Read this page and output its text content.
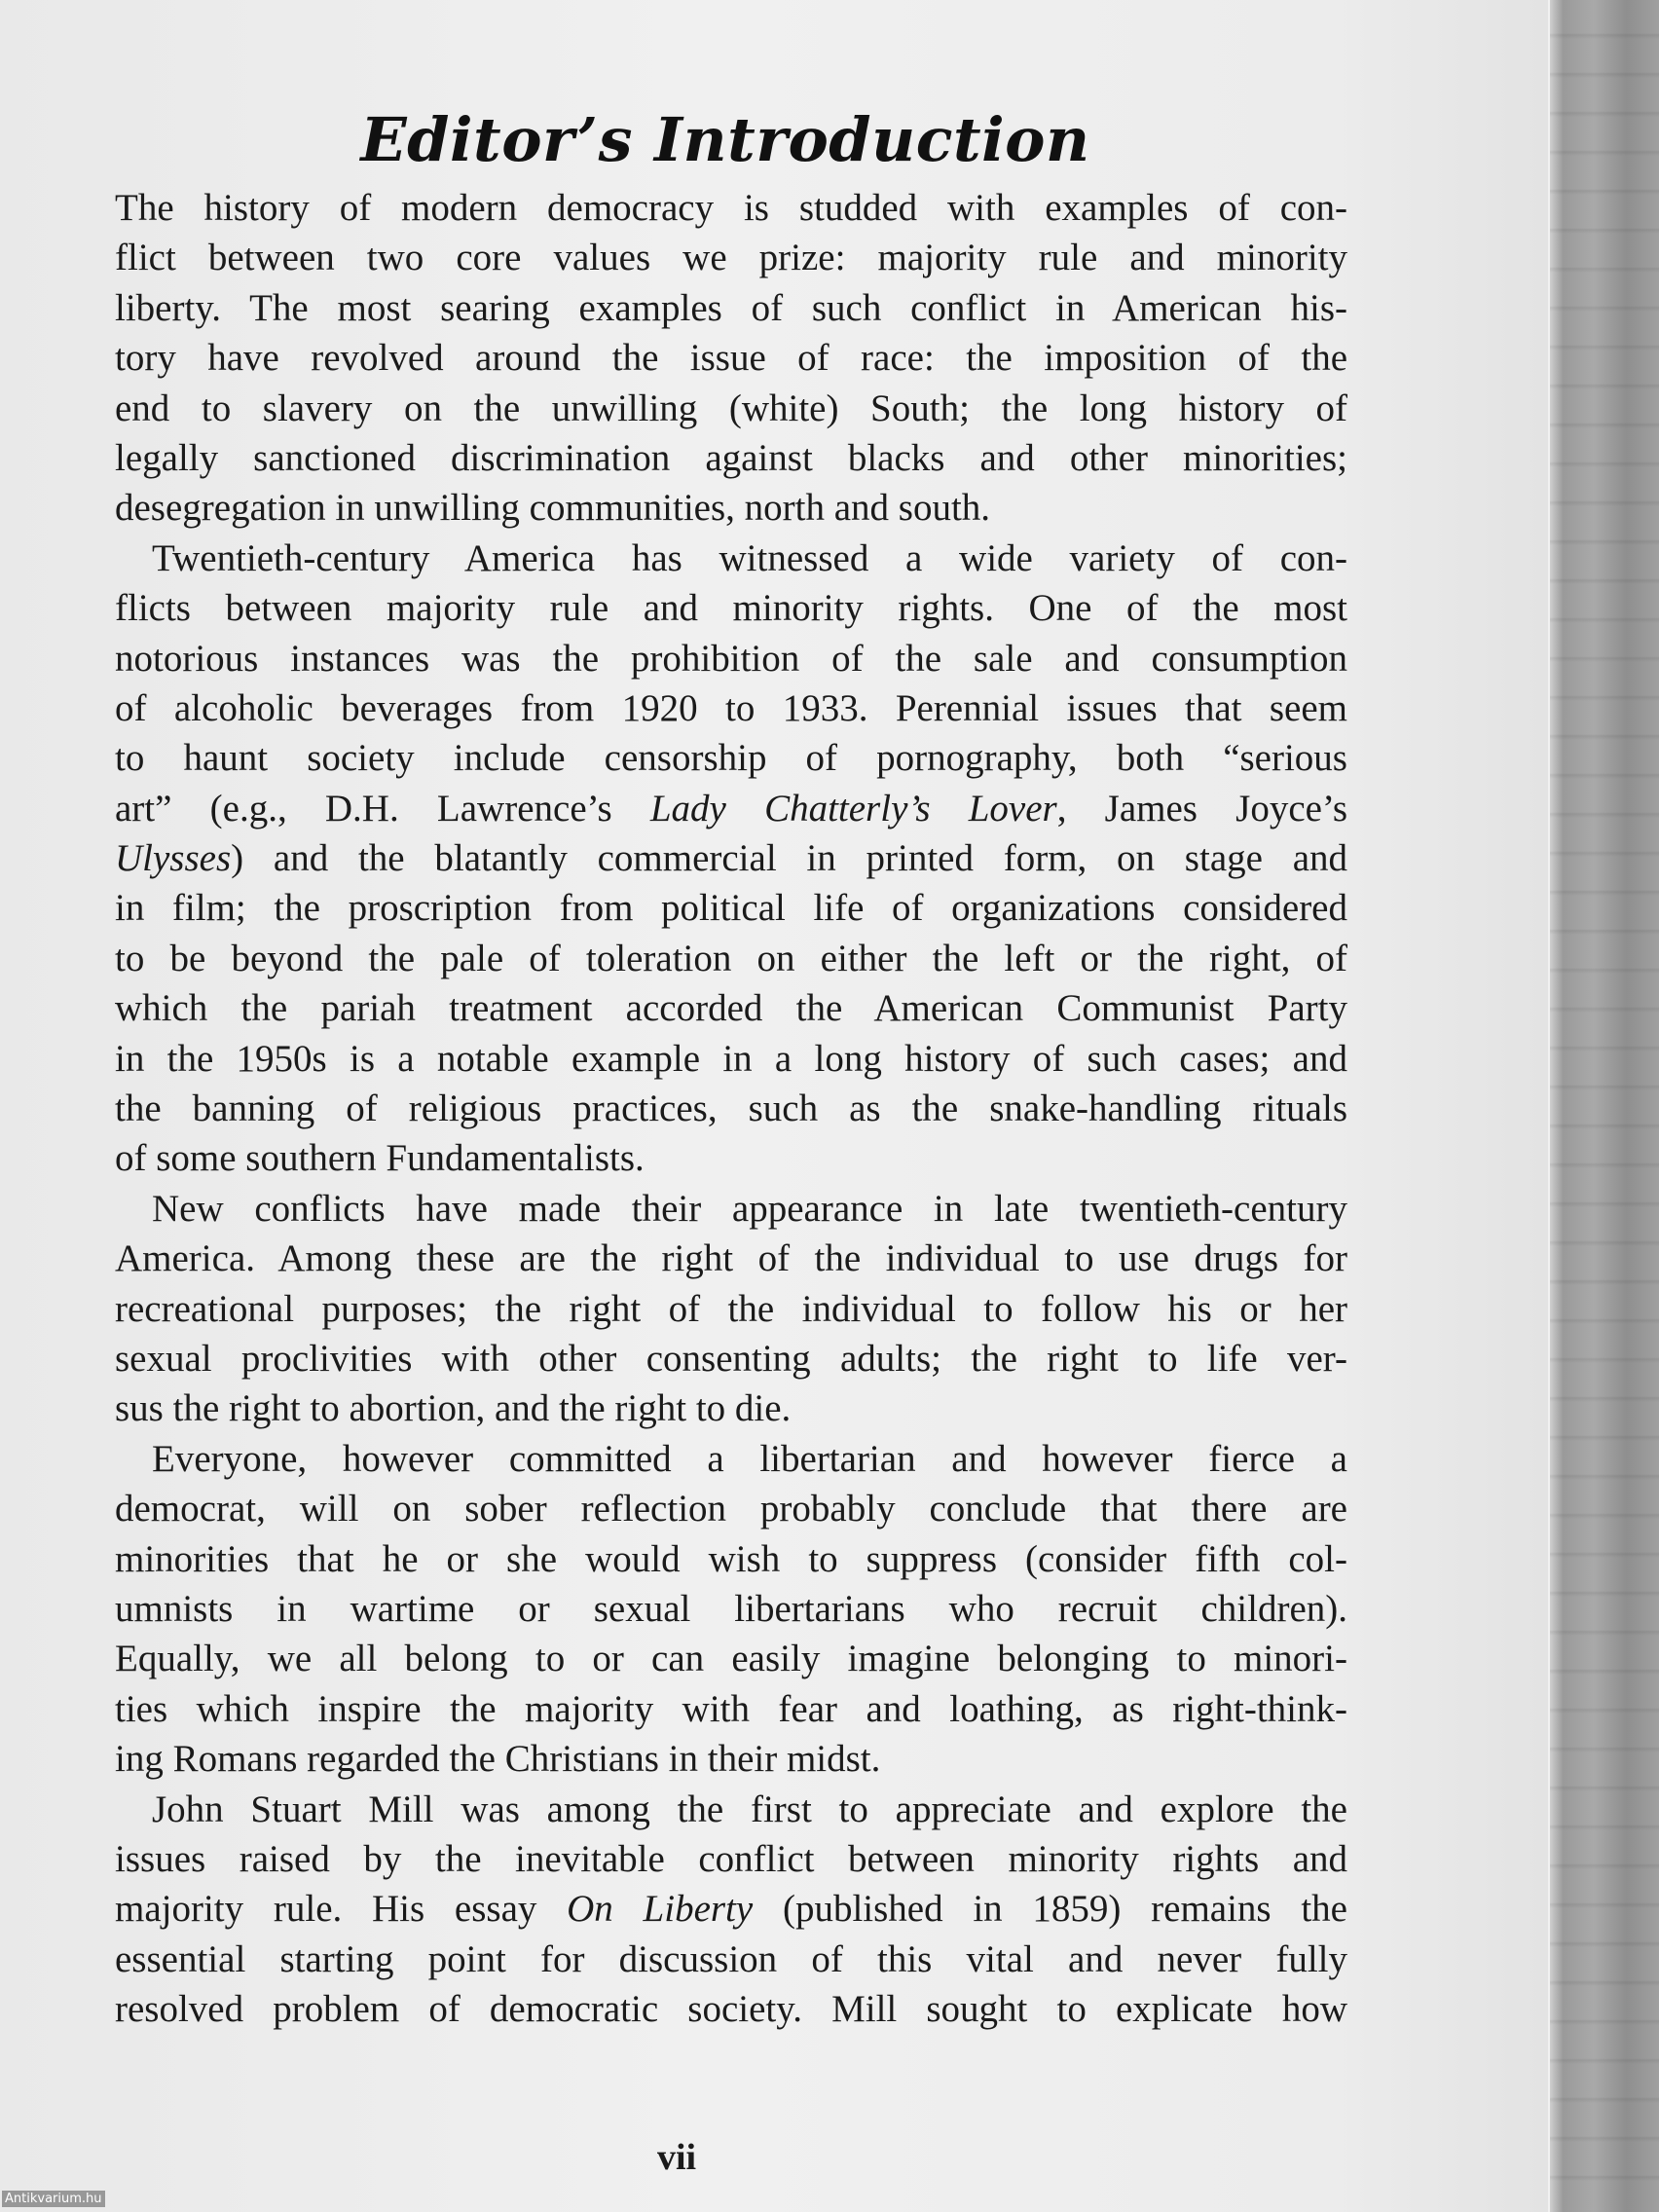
Editor’s Introduction
The history of modern democracy is studded with examples of con-
flict between two core values we prize: majority rule and minority
liberty. The most searing examples of such conflict in American his-
tory have revolved around the issue of race: the imposition of the
end to slavery on the unwilling (white) South; the long history of
legally sanctioned discrimination against blacks and other minorities;
desegregation in unwilling communities, north and south.
Twentieth-century America has witnessed a wide variety of con-
flicts between majority rule and minority rights. One of the most
notorious instances was the prohibition of the sale and consumption
of alcoholic beverages from 1920 to 1933. Perennial issues that seem
to haunt society include censorship of pornography, both “serious
art” (e.g., D.H. Lawrence’s Lady Chatterly’s Lover, James Joyce’s
Ulysses) and the blatantly commercial in printed form, on stage and
in film; the proscription from political life of organizations considered
to be beyond the pale of toleration on either the left or the right, of
which the pariah treatment accorded the American Communist Party
in the 1950s is a notable example in a long history of such cases; and
the banning of religious practices, such as the snake-handling rituals
of some southern Fundamentalists.
New conflicts have made their appearance in late twentieth-century
America. Among these are the right of the individual to use drugs for
recreational purposes; the right of the individual to follow his or her
sexual proclivities with other consenting adults; the right to life ver-
sus the right to abortion, and the right to die.
Everyone, however committed a libertarian and however fierce a
democrat, will on sober reflection probably conclude that there are
minorities that he or she would wish to suppress (consider fifth col-
umnists in wartime or sexual libertarians who recruit children).
Equally, we all belong to or can easily imagine belonging to minori-
ties which inspire the majority with fear and loathing, as right-think-
ing Romans regarded the Christians in their midst.
John Stuart Mill was among the first to appreciate and explore the
issues raised by the inevitable conflict between minority rights and
majority rule. His essay On Liberty (published in 1859) remains the
essential starting point for discussion of this vital and never fully
resolved problem of democratic society. Mill sought to explicate how
vii
Antikvarium.hu
